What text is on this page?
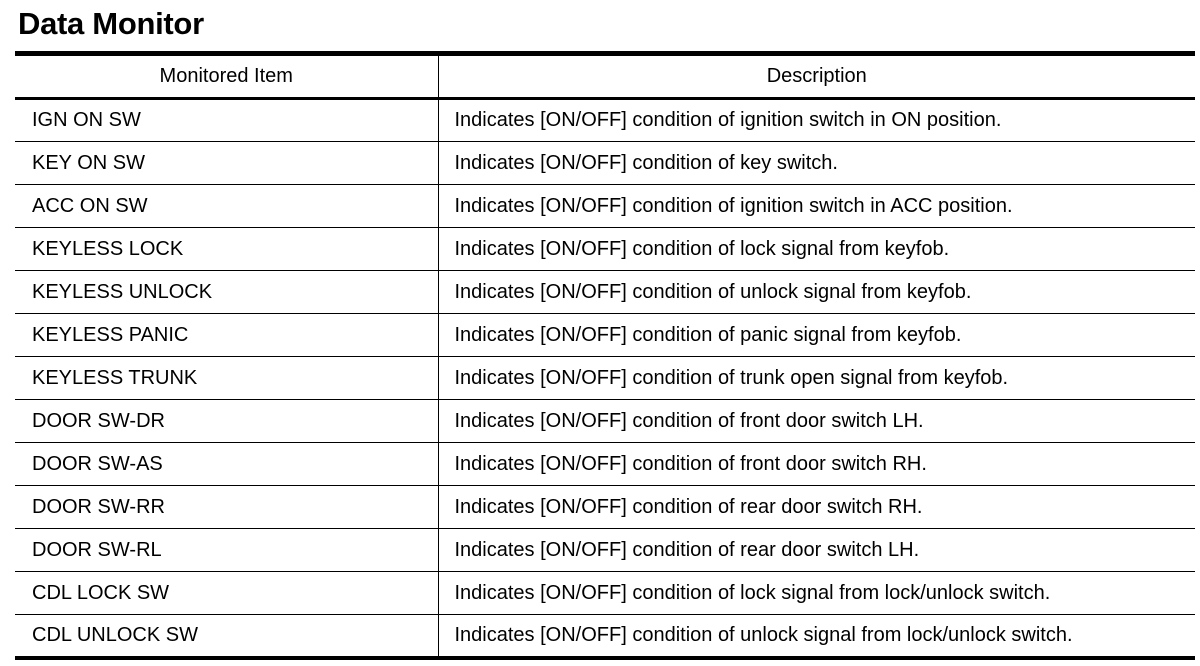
Data Monitor
Monitored Item	Description
IGN ON SW	Indicates [ON/OFF] condition of ignition switch in ON position.
KEY ON SW	Indicates [ON/OFF] condition of key switch.
ACC ON SW	Indicates [ON/OFF] condition of ignition switch in ACC position.
KEYLESS LOCK	Indicates [ON/OFF] condition of lock signal from keyfob.
KEYLESS UNLOCK	Indicates [ON/OFF] condition of unlock signal from keyfob.
KEYLESS PANIC	Indicates [ON/OFF] condition of panic signal from keyfob.
KEYLESS TRUNK	Indicates [ON/OFF] condition of trunk open signal from keyfob.
DOOR SW-DR	Indicates [ON/OFF] condition of front door switch LH.
DOOR SW-AS	Indicates [ON/OFF] condition of front door switch RH.
DOOR SW-RR	Indicates [ON/OFF] condition of rear door switch RH.
DOOR SW-RL	Indicates [ON/OFF] condition of rear door switch LH.
CDL LOCK SW	Indicates [ON/OFF] condition of lock signal from lock/unlock switch.
CDL UNLOCK SW	Indicates [ON/OFF] condition of unlock signal from lock/unlock switch.
